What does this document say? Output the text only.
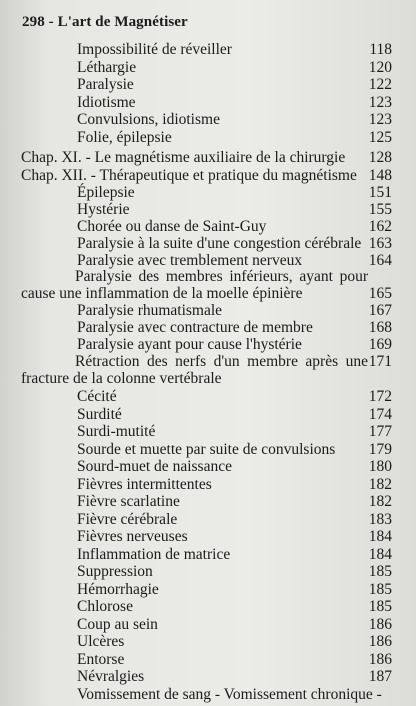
298 - L'art de Magnétiser
Impossibilité de réveiller	118
Léthargie	120
Paralysie	122
Idiotisme	123
Convulsions, idiotisme	123
Folie, épilepsie	125
Chap. XI. - Le magnétisme auxiliaire de la chirurgie 128
Chap. XII. - Thérapeutique et pratique du magnétisme 148
Épilepsie	151
Hystérie	155
Chorée ou danse de Saint-Guy	162
Paralysie à la suite d'une congestion cérébrale 163
Paralysie avec tremblement nerveux	164
Paralysie des membres inférieurs, ayant pour
cause une inflammation de la moelle épinière	165
Paralysie rhumatismale	167
Paralysie avec contracture de membre	168
Paralysie ayant pour cause l'hystérie	169
Rétraction des nerfs d'un membre après une 171
fracture de la colonne vertébrale
Cécité	172
Surdité	174
Surdi-mutité	177
Sourde et muette par suite de convulsions 179
Sourd-muet de naissance	180
Fièvres intermittentes	182
Fièvre scarlatine	182
Fièvre cérébrale	183
Fièvres nerveuses	184
Inflammation de matrice	184
Suppression	185
Hémorrhagie	185
Chlorose	185
Coup au sein	186
Ulcères	186
Entorse	186
Névralgies	187
Vomissement de sang - Vomissement chronique -
